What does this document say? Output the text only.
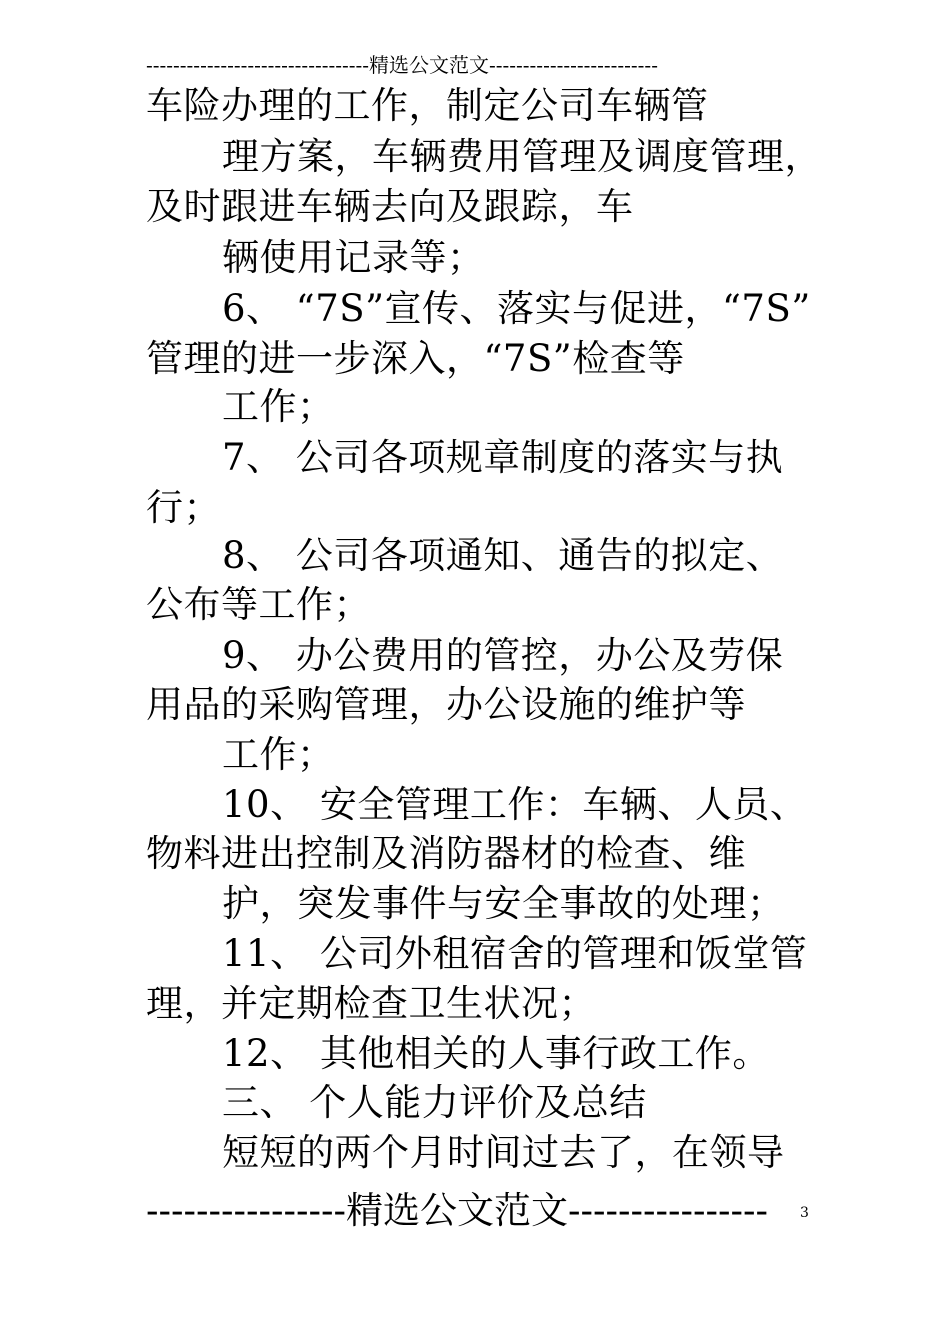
---------------------------------精选公文范文-------------------------
车险办理的工作，制定公司车辆管
理方案，车辆费用管理及调度管理，
及时跟进车辆去向及跟踪，车
辆使用记录等；
6、 “7S”宣传、落实与促进，“7S”
管理的进一步深入，“7S”检查等
工作；
7、 公司各项规章制度的落实与执
行；
8、 公司各项通知、通告的拟定、
公布等工作；
9、 办公费用的管控，办公及劳保
用品的采购管理，办公设施的维护等
工作；
10、 安全管理工作：车辆、人员、
物料进出控制及消防器材的检查、维
护，突发事件与安全事故的处理；
11、 公司外租宿舍的管理和饭堂管
理，并定期检查卫生状况；
12、 其他相关的人事行政工作。
三、 个人能力评价及总结
短短的两个月时间过去了，在领导
----------------精选公文范文----------------	3
